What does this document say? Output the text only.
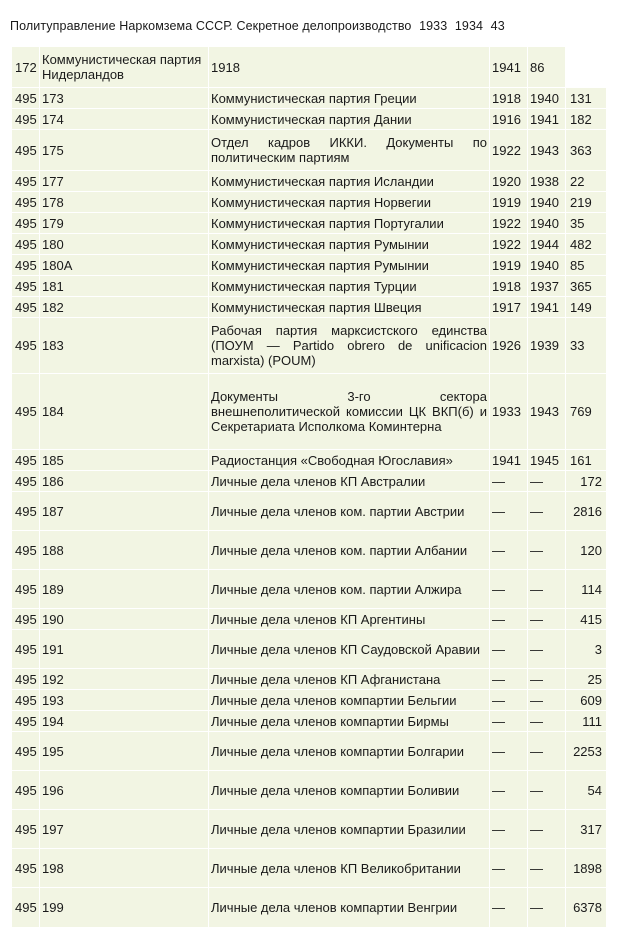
Политуправление Наркомзема СССР. Секретное делопроизводство 1933 1934 43
172	Коммунистическая партия Нидерландов	1918	1941	86	
495	173	Коммунистическая партия Греции	1918	1940	131
495	174	Коммунистическая партия Дании	1916	1941	182
495	175	Отдел кадров ИККИ. Документы по политическим партиям	1922	1943	363
495	177	Коммунистическая партия Исландии	1920	1938	22
495	178	Коммунистическая партия Норвегии	1919	1940	219
495	179	Коммунистическая партия Португалии	1922	1940	35
495	180	Коммунистическая партия Румынии	1922	1944	482
495	180А	Коммунистическая партия Румынии	1919	1940	85
495	181	Коммунистическая партия Турции	1918	1937	365
495	182	Коммунистическая партия Швеция	1917	1941	149
495	183	Рабочая партия марксистского единства (ПОУМ — Partido obrero de unificacion marxista) (POUM)	1926	1939	33
495	184	Документы 3-го сектора внешнеполитической комиссии ЦК ВКП(б) и Секретариата Исполкома Коминтерна	1933	1943	769
495	185	Радиостанция «Свободная Югославия»	1941	1945	161
495	186	Личные дела членов КП Австралии	—	—	172
495	187	Личные дела членов ком. партии Австрии	—	—	2816
495	188	Личные дела членов ком. партии Албании	—	—	120
495	189	Личные дела членов ком. партии Алжира	—	—	114
495	190	Личные дела членов КП Аргентины	—	—	415
495	191	Личные дела членов КП Саудовской Аравии	—	—	3
495	192	Личные дела членов КП Афганистана	—	—	25
495	193	Личные дела членов компартии Бельгии	—	—	609
495	194	Личные дела членов компартии Бирмы	—	—	111
495	195	Личные дела членов компартии Болгарии	—	—	2253
495	196	Личные дела членов компартии Боливии	—	—	54
495	197	Личные дела членов компартии Бразилии	—	—	317
495	198	Личные дела членов КП Великобритании	—	—	1898
495	199	Личные дела членов компартии Венгрии	—	—	6378
